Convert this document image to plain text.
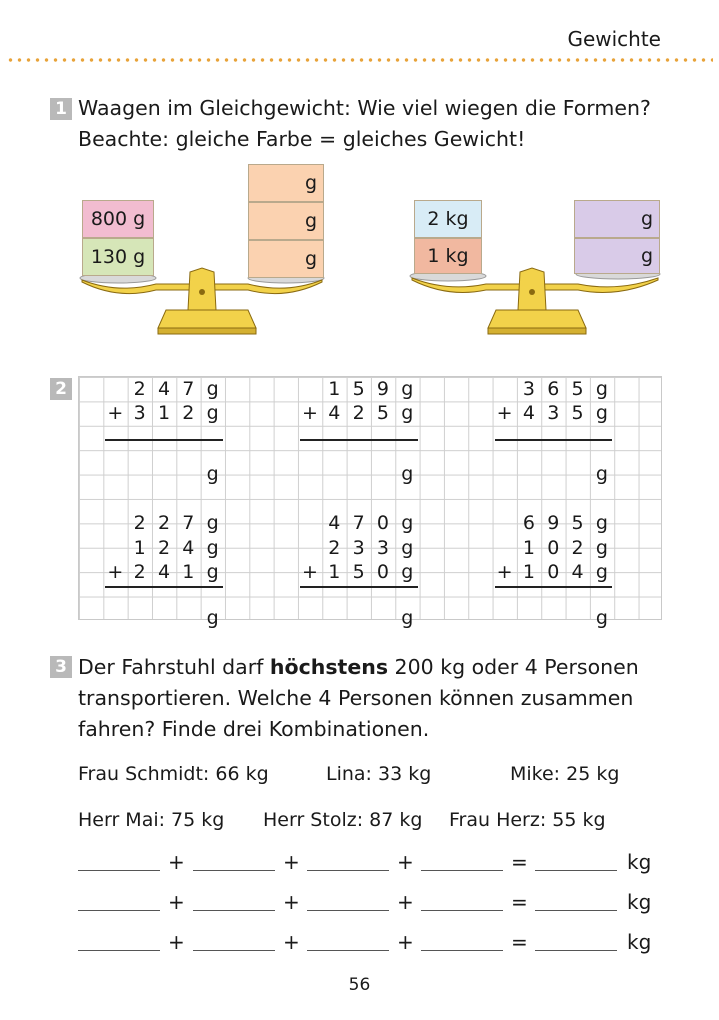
Gewichte
1 Waagen im Gleichgewicht: Wie viel wiegen die Formen?
Beachte: gleiche Farbe = gleiches Gewicht!
800 g
130 g
g
g
g
2 kg
1 kg
g
g
2	2 4 7 g
+ 3 1 2 g
g
1 5 9 g
+ 4 2 5 g
g
3 6 5 g
+ 4 3 5 g
g
2 2 7 g
1 2 4 g
+ 2 4 1 g
g
4 7 0 g
2 3 3 g
+ 1 5 0 g
g
6 9 5 g
1 0 2 g
+ 1 0 4 g
g
3 Der Fahrstuhl darf höchstens 200 kg oder 4 Personen
transportieren. Welche 4 Personen können zusammen
fahren? Finde drei Kombinationen.
Frau Schmidt: 66 kg	Lina: 33 kg	Mike: 25 kg
Herr Mai: 75 kg Herr Stolz: 87 kg Frau Herz: 55 kg
+	+	+	=	kg
+	+	+	=	kg
+	+	+	=	kg
56
